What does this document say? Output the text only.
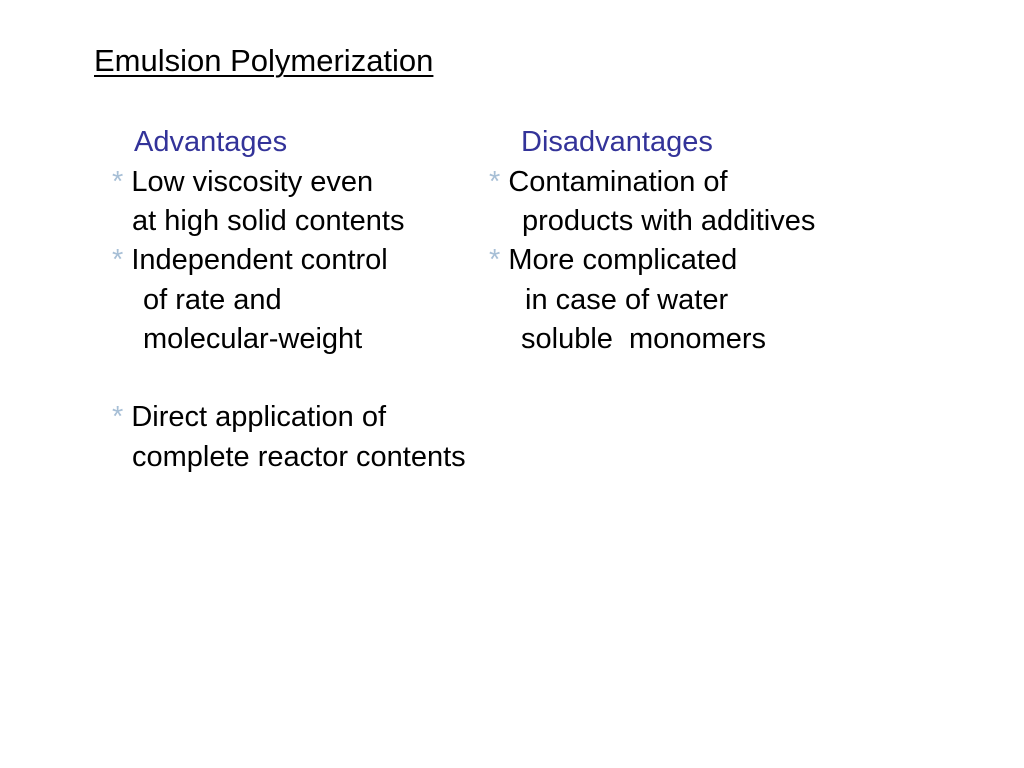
Emulsion Polymerization
Advantages
* Low viscosity even
at high solid contents
* Independent control
of rate and
molecular-weight
* Direct application of
complete reactor contents
Disadvantages
* Contamination of
products with additives
* More complicated
in case of water
soluble  monomers
